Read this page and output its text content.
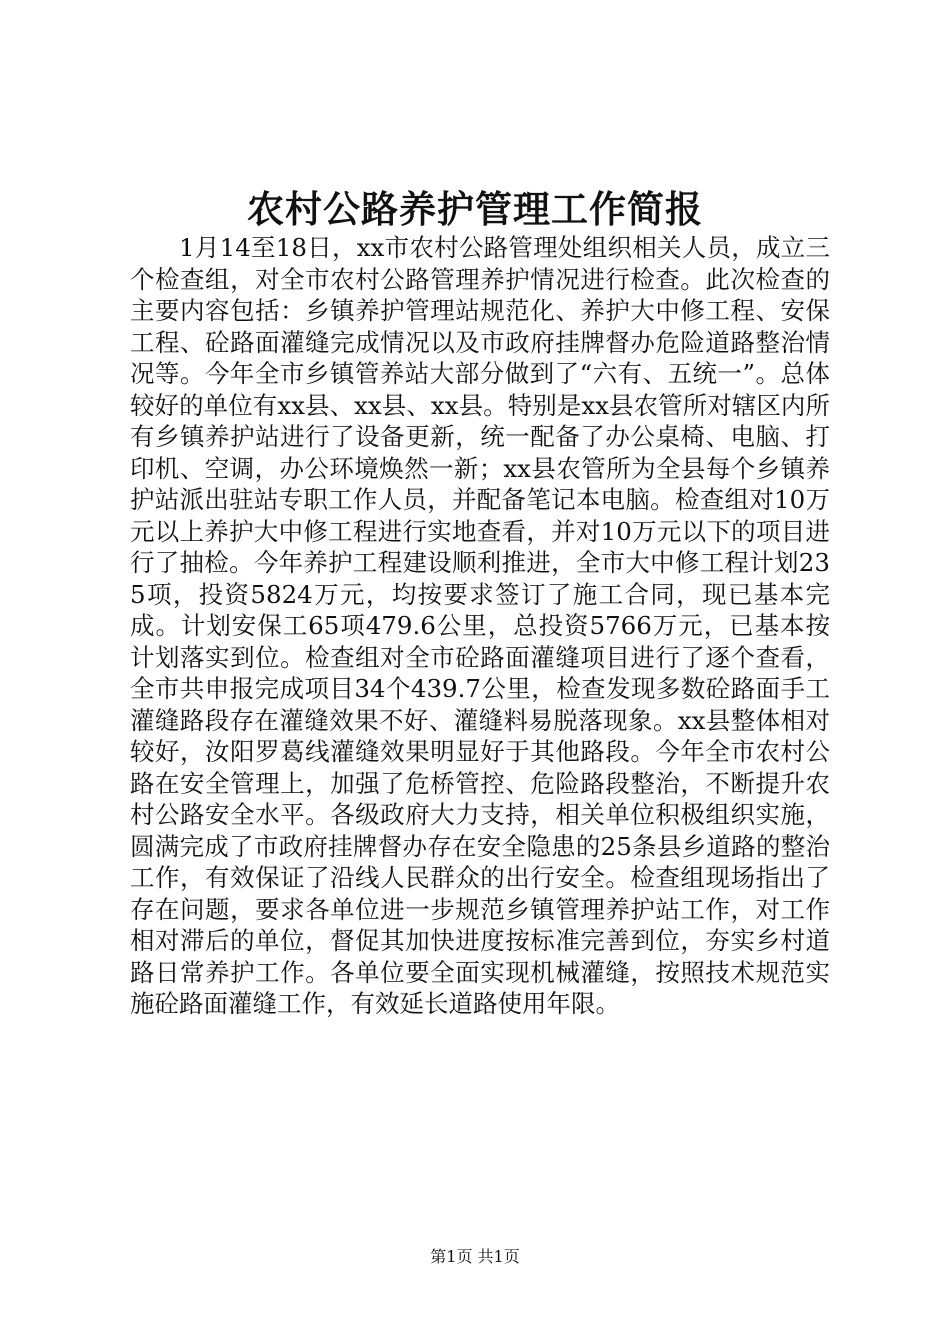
农村公路养护管理工作简报

1月14至18日，xx市农村公路管理处组织相关人员，成立三个检查组，对全市农村公路管理养护情况进行检查。此次检查的主要内容包括：乡镇养护管理站规范化、养护大中修工程、安保工程、砼路面灌缝完成情况以及市政府挂牌督办危险道路整治情况等。今年全市乡镇管养站大部分做到了“六有、五统一”。总体较好的单位有xx县、xx县、xx县。特别是xx县农管所对辖区内所有乡镇养护站进行了设备更新，统一配备了办公桌椅、电脑、打印机、空调，办公环境焕然一新；xx县农管所为全县每个乡镇养护站派出驻站专职工作人员，并配备笔记本电脑。检查组对10万元以上养护大中修工程进行实地查看，并对10万元以下的项目进行了抽检。今年养护工程建设顺利推进，全市大中修工程计划235项，投资5824万元，均按要求签订了施工合同，现已基本完成。计划安保工65项479.6公里，总投资5766万元，已基本按计划落实到位。检查组对全市砼路面灌缝项目进行了逐个查看，全市共申报完成项目34个439.7公里，检查发现多数砼路面手工灌缝路段存在灌缝效果不好、灌缝料易脱落现象。xx县整体相对较好，汝阳罗葛线灌缝效果明显好于其他路段。今年全市农村公路在安全管理上，加强了危桥管控、危险路段整治，不断提升农村公路安全水平。各级政府大力支持，相关单位积极组织实施，圆满完成了市政府挂牌督办存在安全隐患的25条县乡道路的整治工作，有效保证了沿线人民群众的出行安全。检查组现场指出了存在问题，要求各单位进一步规范乡镇管理养护站工作，对工作相对滞后的单位，督促其加快进度按标准完善到位，夯实乡村道路日常养护工作。各单位要全面实现机械灌缝，按照技术规范实施砼路面灌缝工作，有效延长道路使用年限。

第1页 共1页
